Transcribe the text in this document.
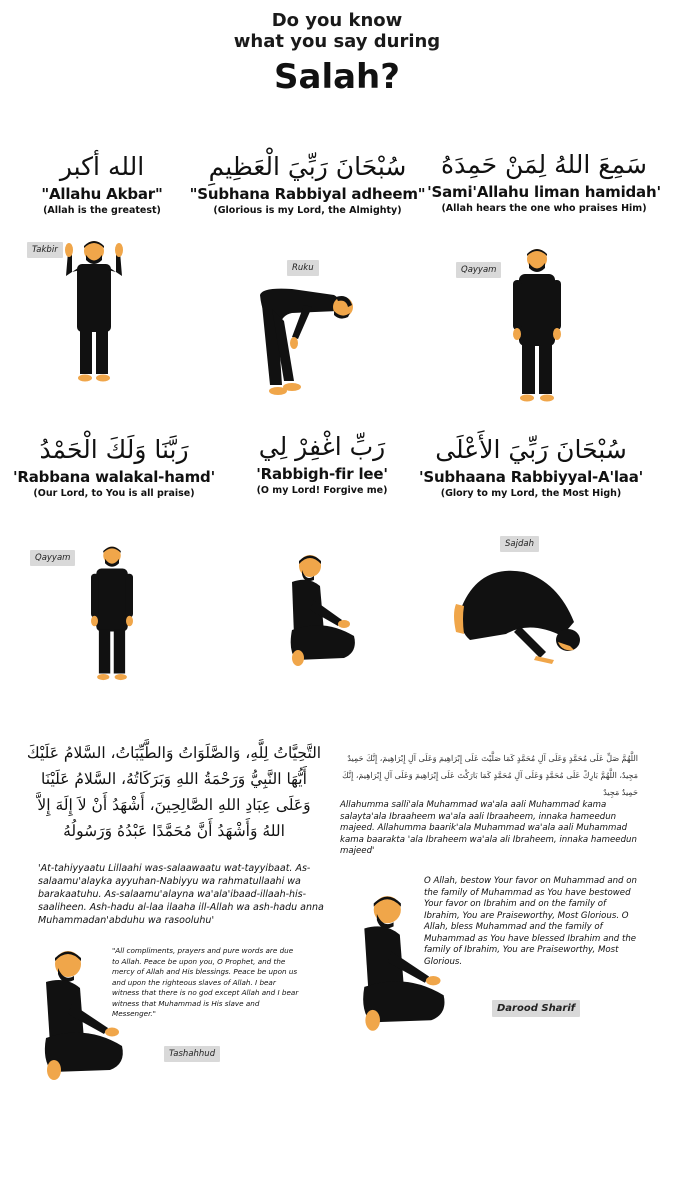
Do you know
what you say during
Salah?
الله أكبر
"Allahu Akbar"
(Allah is the greatest)
سُبْحَانَ رَبِّيَ الْعَظِيمِ
"Subhana Rabbiyal adheem"
(Glorious is my Lord, the Almighty)
سَمِعَ اللهُ لِمَنْ حَمِدَهُ
'Sami'Allahu liman hamidah'
(Allah hears the one who praises Him)
Takbir
Ruku	Qayyam
رَبَّنَا وَلَكَ الْحَمْدُ
'Rabbana walakal-hamd'
(Our Lord, to You is all praise)
رَبِّ اغْفِرْ لِي
'Rabbigh-fir lee'
(O my Lord! Forgive me)
سُبْحَانَ رَبِّيَ الأَعْلَى
'Subhaana Rabbiyyal-A'laa'
(Glory to my Lord, the Most High)
Qayyam
Sajdah
التَّحِيَّاتُ لِلَّهِ، وَالصَّلَوَاتُ وَالطَّيِّبَاتُ، السَّلامُ عَلَيْكَ أَيُّهَا النَّبِيُّ وَرَحْمَةُ اللهِ وَبَرَكَاتُهُ، السَّلامُ عَلَيْنَا وَعَلَى عِبَادِ اللهِ الصَّالِحِينَ، أَشْهَدُ أَنْ لاَ إِلَهَ إِلاَّ اللهُ وَأَشْهَدُ أَنَّ مُحَمَّدًا عَبْدُهُ وَرَسُولُهُ
'At-tahiyyaatu Lillaahi was-salaawaatu wat-tayyibaat. As-salaamu'alayka ayyuhan-Nabiyyu wa rahmatullaahi wa barakaatuhu. As-salaamu'alayna wa'ala'ibaad-illaah-his-saaliheen. Ash-hadu al-laa ilaaha ill-Allah wa ash-hadu anna Muhammadan'abduhu wa rasooluhu'
"All compliments, prayers and pure words are due to Allah. Peace be upon you, O Prophet, and the mercy of Allah and His blessings. Peace be upon us and upon the righteous slaves of Allah. I bear witness that there is no god except Allah and I bear witness that Muhammad is His slave and Messenger."
Tashahhud
اللَّهُمَّ صَلِّ عَلَى مُحَمَّدٍ وَعَلَى آلِ مُحَمَّدٍ كَمَا صَلَّيْتَ عَلَى إِبْرَاهِيمَ وَعَلَى آلِ إِبْرَاهِيمَ، إِنَّكَ حَمِيدٌ مَجِيدٌ، اللَّهُمَّ بَارِكْ عَلَى مُحَمَّدٍ وَعَلَى آلِ مُحَمَّدٍ كَمَا بَارَكْتَ عَلَى إِبْرَاهِيمَ وَعَلَى آلِ إِبْرَاهِيمَ، إِنَّكَ حَمِيدٌ مَجِيدٌ
Allahumma salli'ala Muhammad wa'ala aali Muhammad kama salayta'ala Ibraaheem wa'ala aali Ibraaheem, innaka hameedun majeed. Allahumma baarik'ala Muhammad wa'ala aali Muhammad kama baarakta 'ala Ibraheem wa'ala ali Ibraheem, innaka hameedun majeed'
O Allah, bestow Your favor on Muhammad and on the family of Muhammad as You have bestowed Your favor on Ibrahim and on the family of Ibrahim, You are Praiseworthy, Most Glorious. O Allah, bless Muhammad and the family of Muhammad as You have blessed Ibrahim and the family of Ibrahim, You are Praiseworthy, Most Glorious.
Darood Sharif
